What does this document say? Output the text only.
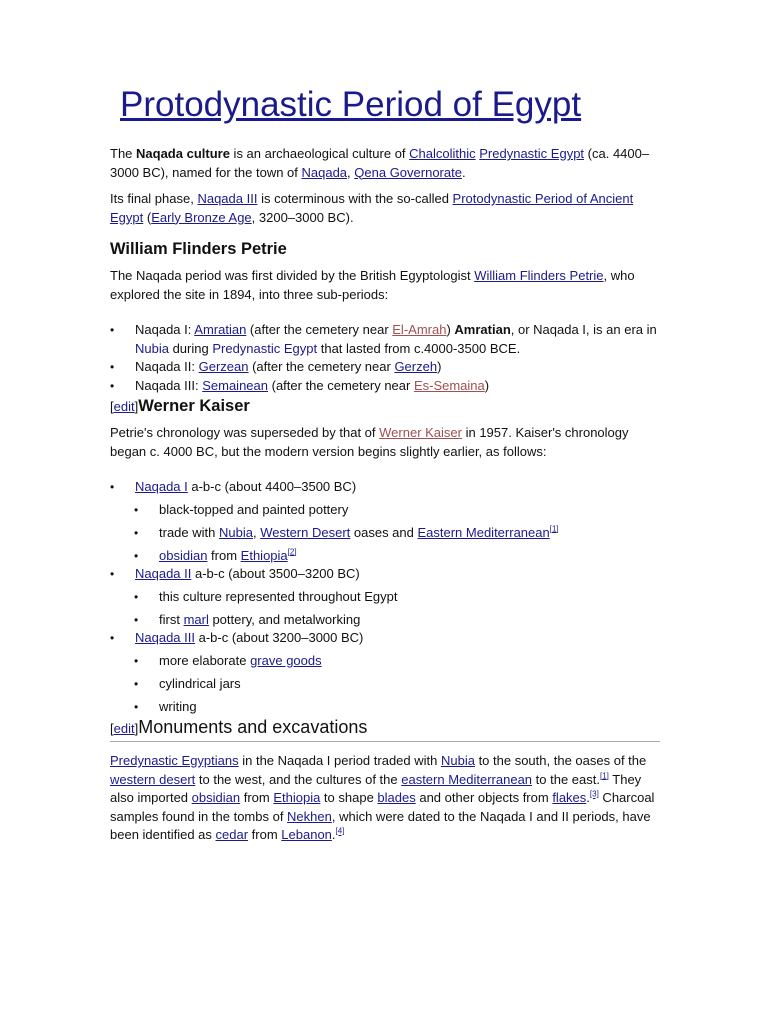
Protodynastic Period of Egypt

The Naqada culture is an archaeological culture of Chalcolithic Predynastic Egypt (ca. 4400–3000 BC), named for the town of Naqada, Qena Governorate.

Its final phase, Naqada III is coterminous with the so-called Protodynastic Period of Ancient Egypt (Early Bronze Age, 3200–3000 BC).

William Flinders Petrie

The Naqada period was first divided by the British Egyptologist William Flinders Petrie, who explored the site in 1894, into three sub-periods:

• Naqada I: Amratian (after the cemetery near El-Amrah) Amratian, or Naqada I, is an era in Nubia during Predynastic Egypt that lasted from c.4000-3500 BCE.
• Naqada II: Gerzean (after the cemetery near Gerzeh)
• Naqada III: Semainean (after the cemetery near Es-Semaina)
[edit]Werner Kaiser

Petrie's chronology was superseded by that of Werner Kaiser in 1957. Kaiser's chronology began c. 4000 BC, but the modern version begins slightly earlier, as follows:

• Naqada I a-b-c (about 4400–3500 BC)
• black-topped and painted pottery
• trade with Nubia, Western Desert oases and Eastern Mediterranean[1]
• obsidian from Ethiopia[2]
• Naqada II a-b-c (about 3500–3200 BC)
• this culture represented throughout Egypt
• first marl pottery, and metalworking
• Naqada III a-b-c (about 3200–3000 BC)
• more elaborate grave goods
• cylindrical jars
• writing
[edit]Monuments and excavations

Predynastic Egyptians in the Naqada I period traded with Nubia to the south, the oases of the western desert to the west, and the cultures of the eastern Mediterranean to the east.[1] They also imported obsidian from Ethiopia to shape blades and other objects from flakes.[3] Charcoal samples found in the tombs of Nekhen, which were dated to the Naqada I and II periods, have been identified as cedar from Lebanon.[4]
